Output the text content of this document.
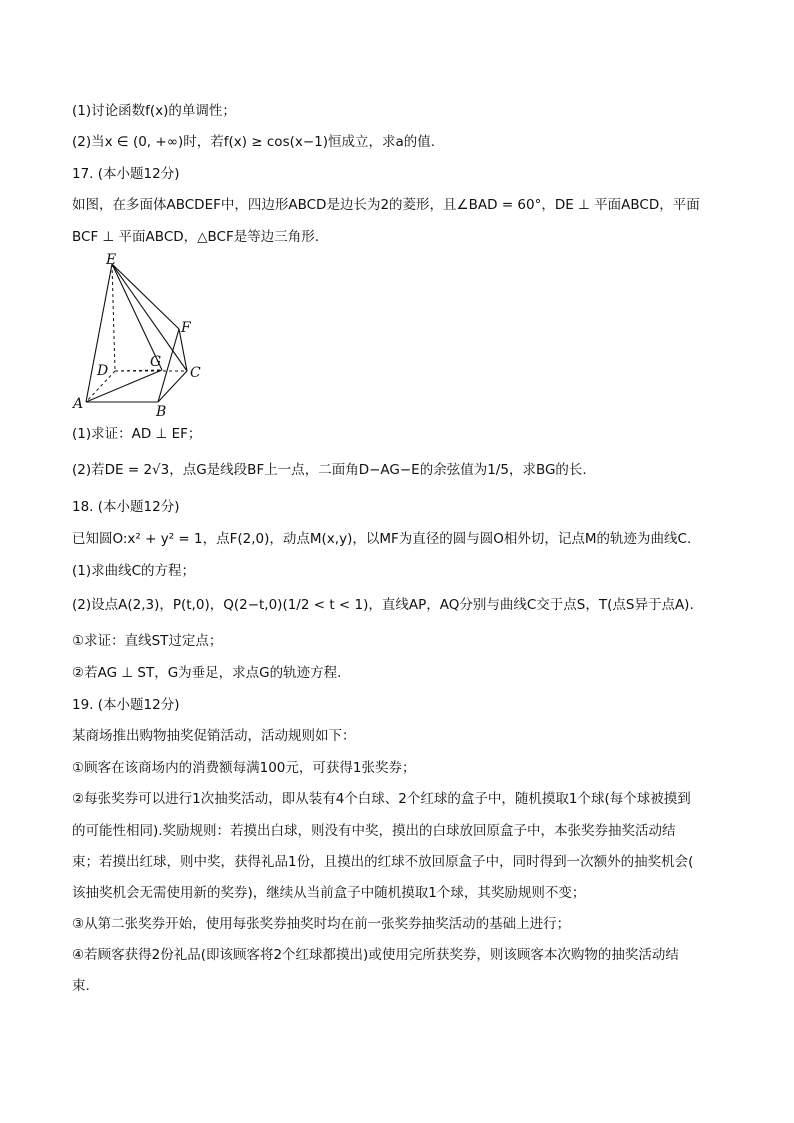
(1)讨论函数f(x)的单调性；
(2)当x ∈ (0, +∞)时，若f(x) ≥ cos(x−1)恒成立，求a的值.
17. (本小题12分)
如图，在多面体ABCDEF中，四边形ABCD是边长为2的菱形，且∠BAD = 60°，DE ⊥ 平面ABCD，平面
BCF ⊥ 平面ABCD，△BCF是等边三角形.
E
F
G
D	C
A	B
(1)求证：AD ⊥ EF；
(2)若DE = 2√3，点G是线段BF上一点，二面角D−AG−E的余弦值为1/5，求BG的长.
18. (本小题12分)
已知圆O:x² + y² = 1，点F(2,0)，动点M(x,y)，以MF为直径的圆与圆O相外切，记点M的轨迹为曲线C.
(1)求曲线C的方程；
(2)设点A(2,3)，P(t,0)，Q(2−t,0)(1/2 < t < 1)，直线AP，AQ分别与曲线C交于点S，T(点S异于点A).
①求证：直线ST过定点；
②若AG ⊥ ST，G为垂足，求点G的轨迹方程.
19. (本小题12分)
某商场推出购物抽奖促销活动，活动规则如下：
①顾客在该商场内的消费额每满100元，可获得1张奖券；
②每张奖券可以进行1次抽奖活动，即从装有4个白球、2个红球的盒子中，随机摸取1个球(每个球被摸到
的可能性相同).奖励规则：若摸出白球，则没有中奖，摸出的白球放回原盒子中，本张奖券抽奖活动结
束；若摸出红球，则中奖，获得礼品1份，且摸出的红球不放回原盒子中，同时得到一次额外的抽奖机会(
该抽奖机会无需使用新的奖券)，继续从当前盒子中随机摸取1个球，其奖励规则不变；
③从第二张奖券开始，使用每张奖券抽奖时均在前一张奖券抽奖活动的基础上进行；
④若顾客获得2份礼品(即该顾客将2个红球都摸出)或使用完所获奖券，则该顾客本次购物的抽奖活动结
束.
